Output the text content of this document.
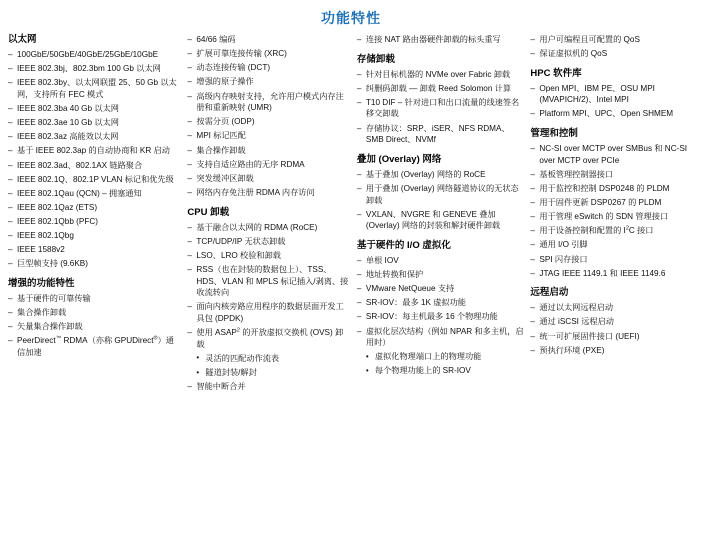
功能特性
以太网
– 100GbE/50GbE/40GbE/25GbE/10GbE
– IEEE 802.3bj、802.3bm 100 Gb 以太网
– IEEE 802.3by、以太网联盟 25、50 Gb 以太网，支持所有 FEC 模式
– IEEE 802.3ba 40 Gb 以太网
– IEEE 802.3ae 10 Gb 以太网
– IEEE 802.3az 高能效以太网
– 基于 IEEE 802.3ap 的自动协商和 KR 启动
– IEEE 802.3ad、802.1AX 链路聚合
– IEEE 802.1Q、802.1P VLAN 标记和优先级
– IEEE 802.1Qau (QCN) – 拥塞通知
– IEEE 802.1Qaz (ETS)
– IEEE 802.1Qbb (PFC)
– IEEE 802.1Qbg
– IEEE 1588v2
– 巨型帧支持 (9.6KB)
增强的功能特性
– 基于硬件的可靠传输
– 集合操作卸载
– 矢量集合操作卸载
– PeerDirect™ RDMA（亦称 GPUDirect®）通信加速
– 64/66 编码
– 扩展可靠连接传输 (XRC)
– 动态连接传输 (DCT)
– 增强的原子操作
– 高级内存映射支持，允许用户模式内存注册和重新映射 (UMR)
– 按需分页 (ODP)
– MPI 标记匹配
– 集合操作卸载
– 支持自适应路由的无序 RDMA
– 突发缓冲区卸载
– 网络内存免注册 RDMA 内存访问
CPU 卸载
– 基于融合以太网的 RDMA (RoCE)
– TCP/UDP/IP 无状态卸载
– LSO、LRO 校验和卸载
– RSS（也在封装的数据包上）、TSS、HDS、VLAN 和 MPLS 标记插入/剥离、接收流转向
– 面向内核旁路应用程序的数据层面开发工具包 (DPDK)
– 使用 ASAP$^2$ 的开放虚拟交换机 (OVS) 卸载
• 灵活的匹配动作流表
• 隧道封装/解封
– 智能中断合并
– 连接 NAT 路由器硬件卸载的标头重写
存储卸载
– 针对目标机器的 NVMe over Fabric 卸载
– 纠删码卸载 — 卸载 Reed Solomon 计算
– T10 DIF – 针对进口和出口流量的线速签名移交卸载
– 存储协议：SRP、iSER、NFS RDMA、SMB Direct、NVMf
叠加 (Overlay) 网络
– 基于叠加 (Overlay) 网络的 RoCE
– 用于叠加 (Overlay) 网络隧道协议的无状态卸载
– VXLAN、NVGRE 和 GENEVE 叠加 (Overlay) 网络的封装和解封硬件卸载
基于硬件的 I/O 虚拟化
– 单根 IOV
– 地址转换和保护
– VMware NetQueue 支持
– SR-IOV：最多 1K 虚拟功能
– SR-IOV：每主机最多 16 个物理功能
– 虚拟化层次结构（例如 NPAR 和多主机，启用时）
• 虚拟化物理端口上的物理功能
• 每个物理功能上的 SR-IOV
– 用户可编程且可配置的 QoS
– 保证虚拟机的 QoS
HPC 软件库
– Open MPI、IBM PE、OSU MPI (MVAPICH/2)、Intel MPI
– Platform MPI、UPC、Open SHMEM
管理和控制
– NC-SI over MCTP over SMBus 和 NC-SI over MCTP over PCIe
– 基板管理控制器接口
– 用于监控和控制 DSP0248 的 PLDM
– 用于固件更新 DSP0267 的 PLDM
– 用于管理 eSwitch 的 SDN 管理接口
– 用于设备控制和配置的 $I^2C$ 接口
– 通用 I/O 引脚
– SPI 闪存接口
– JTAG IEEE 1149.1 和 IEEE 1149.6
远程启动
– 通过以太网远程启动
– 通过 iSCSI 远程启动
– 统一可扩展固件接口 (UEFI)
– 预执行环境 (PXE)
